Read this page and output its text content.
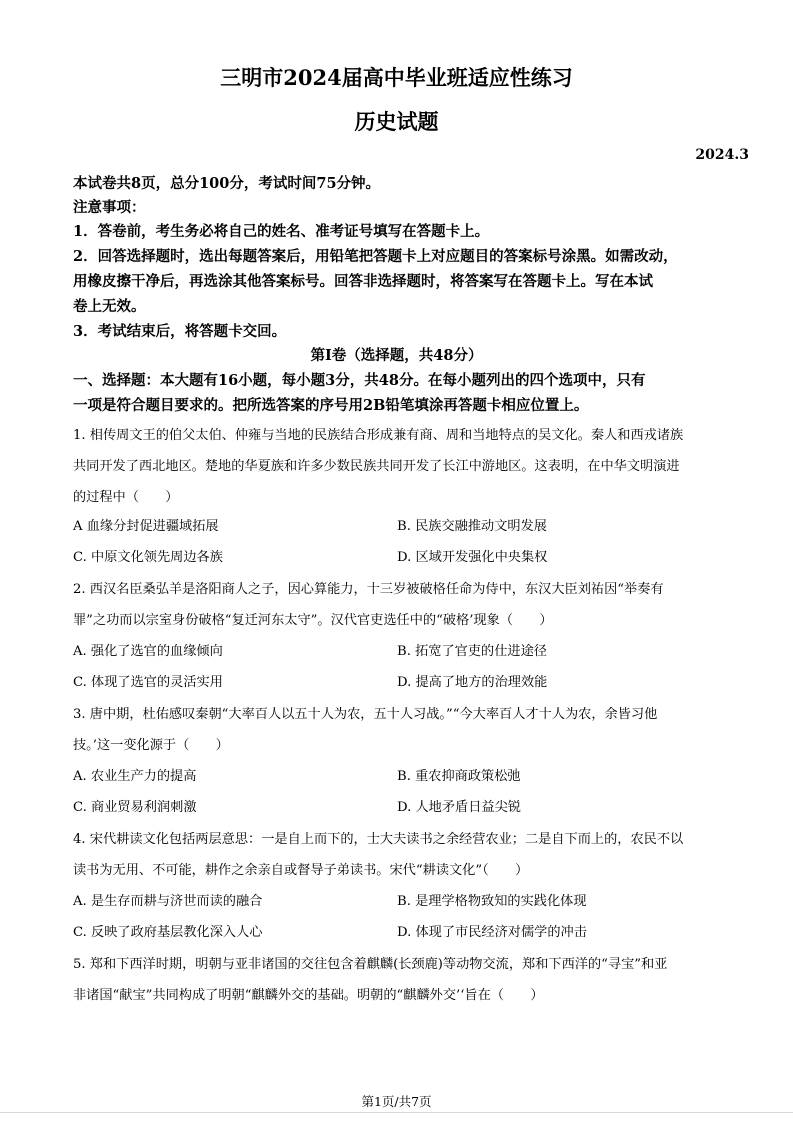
三明市2024届高中毕业班适应性练习
历史试题
2024.3
本试卷共8页，总分100分，考试时间75分钟。
注意事项：
1．答卷前，考生务必将自己的姓名、准考证号填写在答题卡上。
2．回答选择题时，选出每题答案后，用铅笔把答题卡上对应题目的答案标号涂黑。如需改动，
用橡皮擦干净后，再选涂其他答案标号。回答非选择题时，将答案写在答题卡上。写在本试
卷上无效。
3．考试结束后，将答题卡交回。
第Ⅰ卷（选择题，共48分）
一、选择题：本大题有16小题，每小题3分，共48分。在每小题列出的四个选项中，只有
一项是符合题目要求的。把所选答案的序号用2B铅笔填涂再答题卡相应位置上。
1. 相传周文王的伯父太伯、仲雍与当地的民族结合形成兼有商、周和当地特点的吴文化。秦人和西戎诸族
共同开发了西北地区。楚地的华夏族和许多少数民族共同开发了长江中游地区。这表明，在中华文明演进
的过程中（　　）
A 血缘分封促进疆域拓展	B. 民族交融推动文明发展
C. 中原文化领先周边各族	D. 区域开发强化中央集权
2. 西汉名臣桑弘羊是洛阳商人之子，因心算能力，十三岁被破格任命为侍中，东汉大臣刘祐因“举奏有
罪”之功而以宗室身份破格“复迁河东太守”。汉代官吏选任中的“破格’现象（　　）
A. 强化了选官的血缘倾向	B. 拓宽了官吏的仕进途径
C. 体现了选官的灵活实用	D. 提高了地方的治理效能
3. 唐中期，杜佑感叹秦朝“大率百人以五十人为农，五十人习战。”“今大率百人才十人为农，余皆习他
技。’这一变化源于（　　）
A. 农业生产力的提高	B. 重农抑商政策松弛
C. 商业贸易利润刺激	D. 人地矛盾日益尖锐
4. 宋代耕读文化包括两层意思：一是自上而下的，士大夫读书之余经营农业；二是自下而上的，农民不以
读书为无用、不可能，耕作之余亲自或督导子弟读书。宋代“耕读文化”（　　）
A. 是生存而耕与济世而读的融合	B. 是理学格物致知的实践化体现
C. 反映了政府基层教化深入人心	D. 体现了市民经济对儒学的冲击
5. 郑和下西洋时期，明朝与亚非诸国的交往包含着麒麟(长颈鹿)等动物交流，郑和下西洋的“寻宝”和亚
非诸国“献宝”共同构成了明朝“麒麟外交的基础。明朝的“麒麟外交’‘旨在（　　）
第1页/共7页
